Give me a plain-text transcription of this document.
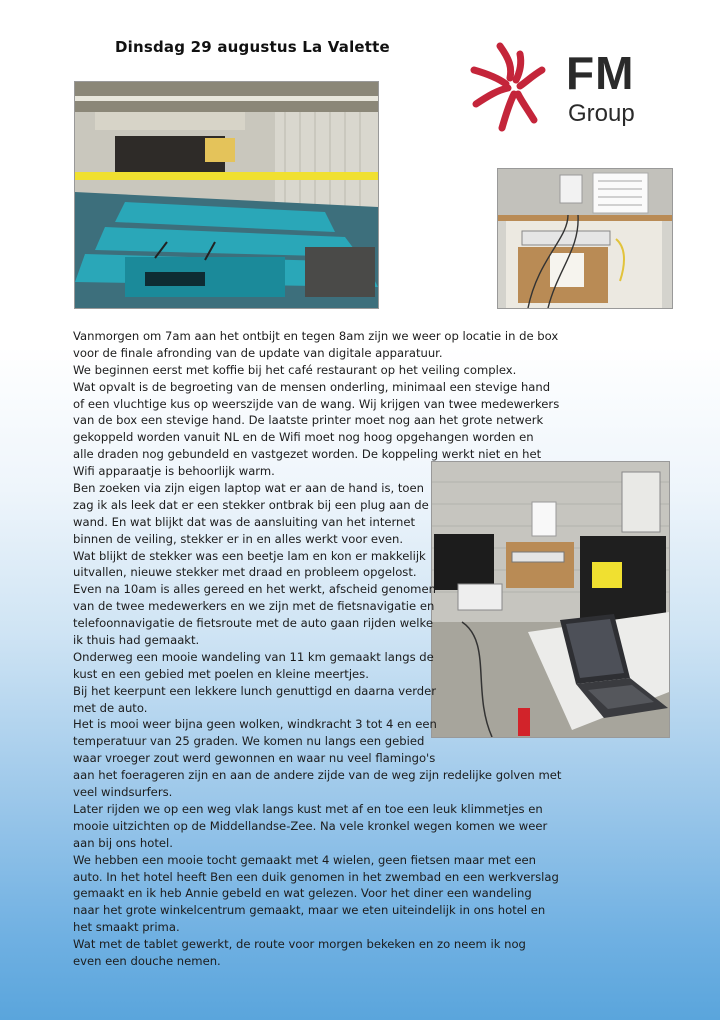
Dinsdag 29 augustus La Valette	FM
Group
Vanmorgen om 7am aan het ontbijt en tegen 8am zijn we weer op locatie in de box
voor de finale afronding van de update van digitale apparatuur.
We beginnen eerst met koffie bij het café restaurant op het veiling complex.
Wat opvalt is de begroeting van de mensen onderling, minimaal een stevige hand
of een vluchtige kus op weerszijde van de wang. Wij krijgen van twee medewerkers
van de box een stevige hand. De laatste printer moet nog aan het grote netwerk
gekoppeld worden vanuit NL en de Wifi moet nog hoog opgehangen worden en
alle draden nog gebundeld en vastgezet worden. De koppeling werkt niet en het
Wifi apparaatje is behoorlijk warm.
Ben zoeken via zijn eigen laptop wat er aan de hand is, toen
zag ik als leek dat er een stekker ontbrak bij een plug aan de
wand. En wat blijkt dat was de aansluiting van het internet
binnen de veiling, stekker er in en alles werkt voor even.
Wat blijkt de stekker was een beetje lam en kon er makkelijk
uitvallen, nieuwe stekker met draad en probleem opgelost.
Even na 10am is alles gereed en het werkt, afscheid genomen
van de twee medewerkers en we zijn met de fietsnavigatie en
telefoonnavigatie de fietsroute met de auto gaan rijden welke
ik thuis had gemaakt.
Onderweg een mooie wandeling van 11 km gemaakt langs de
kust en een gebied met poelen en kleine meertjes.
Bij het keerpunt een lekkere lunch genuttigd en daarna verder
met de auto.
Het is mooi weer bijna geen wolken, windkracht 3 tot 4 en een
temperatuur van 25 graden. We komen nu langs een gebied
waar vroeger zout werd gewonnen en waar nu veel flamingo's
aan het foerageren zijn en aan de andere zijde van de weg zijn redelijke golven met
veel windsurfers.
Later rijden we op een weg vlak langs kust met af en toe een leuk klimmetjes en
mooie uitzichten op de Middellandse-Zee. Na vele kronkel wegen komen we weer
aan bij ons hotel.
We hebben een mooie tocht gemaakt met 4 wielen, geen fietsen maar met een
auto. In het hotel heeft Ben een duik genomen in het zwembad en een werkverslag
gemaakt en ik heb Annie gebeld en wat gelezen. Voor het diner een wandeling
naar het grote winkelcentrum gemaakt, maar we eten uiteindelijk in ons hotel en
het smaakt prima.
Wat met de tablet gewerkt, de route voor morgen bekeken en zo neem ik nog
even een douche nemen.
